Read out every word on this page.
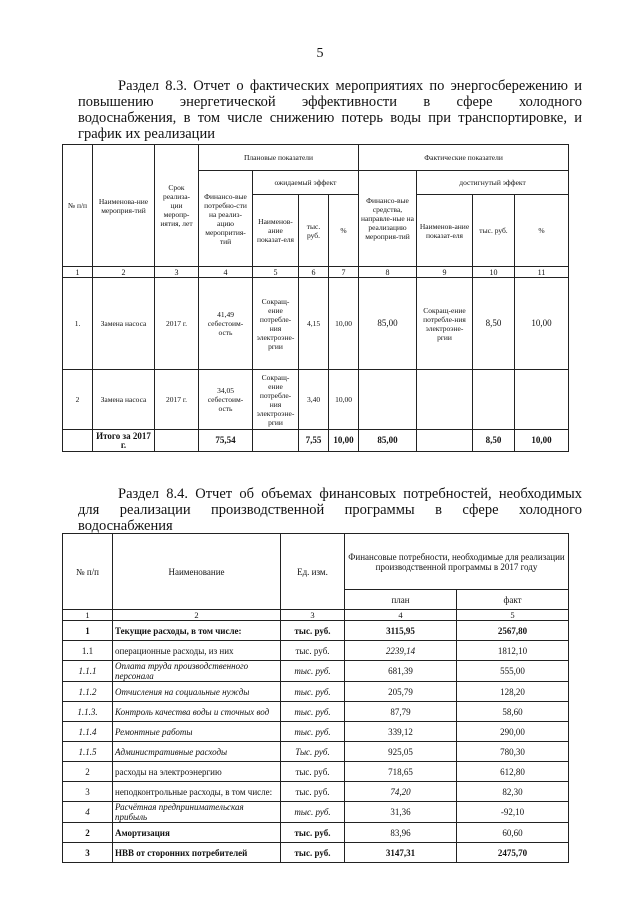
5

Раздел 8.3. Отчет о фактических мероприятиях по энергосбережению и

повышению энергетической эффективности в сфере холодного

водоснабжения, в том числе снижению потерь воды при транспортировке, и

график их реализации

№ п/п	Наименова-ние мероприя-тий	Срок реализа-ции меропр-иятия, лет	Плановые показатели				Фактические показатели			
			Финансо-вые потребно-сти на реализ-ацию меропрития-тий	ожидаемый эффект			Финансо-вые средства, направле-ные на реализацию мероприя-тий	достигнутый эффект		
				Наименов-ание показат-еля	тыс. руб.	%		Наименов-ание показат-еля	тыс. руб.	%
1	2	3	4	5	6	7	8	9	10	11
1.	Замена насоса	2017 г.	41,49 себестоим-ость	Сокращ-ение потребле-ния электроэне-ргии	4,15	10,00	85,00	Сокращ-ение потребле-ния электроэне-ргии	8,50	10,00
2	Замена насоса	2017 г.	34,05 себестоим-ость	Сокращ-ение потребле-ния электроэне-ргии	3,40	10,00				
	Итого за 2017 г.		75,54		7,55	10,00	85,00		8,50	10,00

Раздел 8.4. Отчет об объемах финансовых потребностей, необходимых

для реализации производственной программы в сфере холодного

водоснабжения

№ п/п	Наименование	Ед. изм.	Финансовые потребности, необходимые для реализации производственной программы в 2017 году	
			план	факт
1	2	3	4	5
1	Текущие расходы, в том числе:	тыс. руб.	3115,95	2567,80
1.1	операционные расходы, из них	тыс. руб.	2239,14	1812,10
1.1.1	Оплата труда производственного персонала	тыс. руб.	681,39	555,00
1.1.2	Отчисления на социальные нужды	тыс. руб.	205,79	128,20
1.1.3.	Контроль качества воды и сточных вод	тыс. руб.	87,79	58,60
1.1.4	Ремонтные работы	тыс. руб.	339,12	290,00
1.1.5	Административные расходы	Тыс. руб.	925,05	780,30
2	расходы на электроэнергию	тыс. руб.	718,65	612,80
3	неподконтрольные расходы, в том числе:	тыс. руб.	74,20	82,30
4	Расчётная предпринимательская прибыль	тыс. руб.	31,36	-92,10
2	Амортизация	тыс. руб.	83,96	60,60
3	НВВ от сторонних потребителей	тыс. руб.	3147,31	2475,70
